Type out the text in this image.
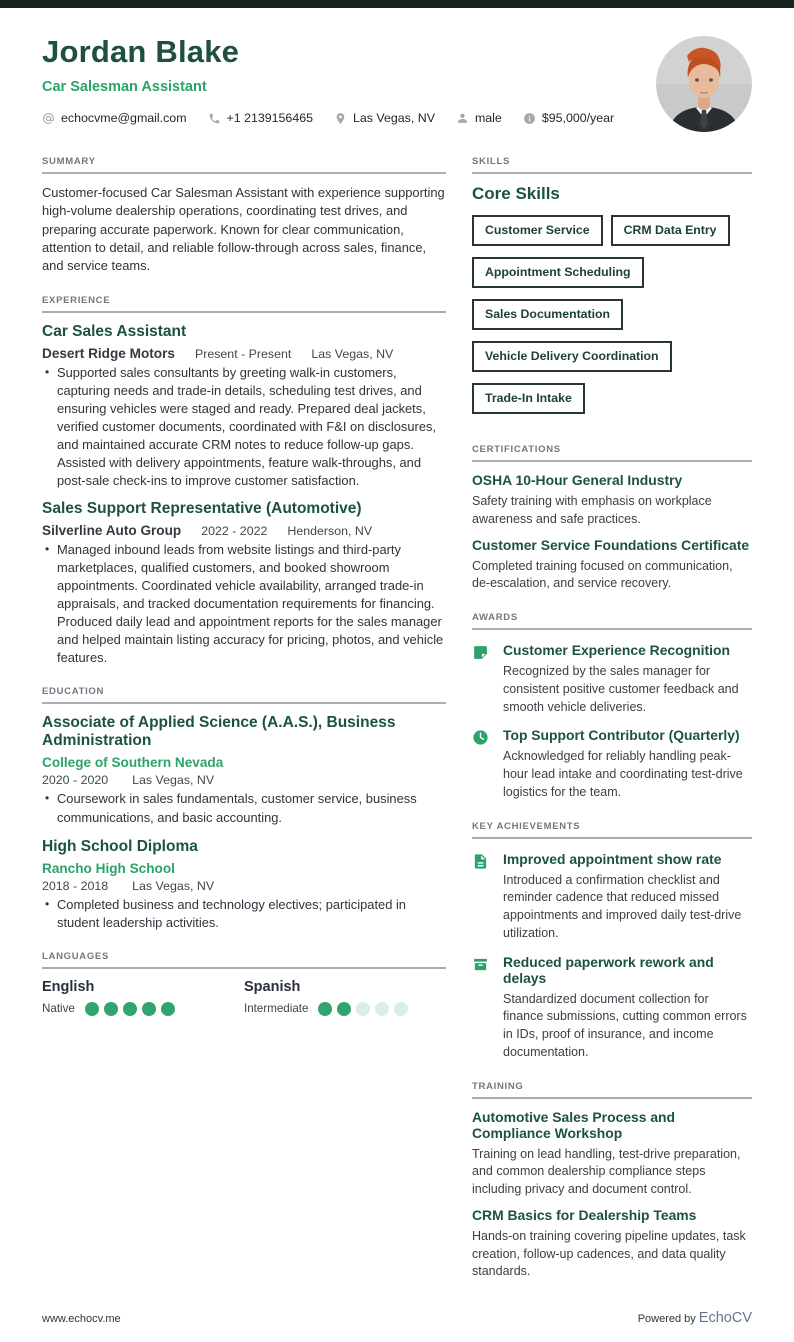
Jordan Blake
Car Salesman Assistant
echocvme@gmail.com	+1 2139156465	Las Vegas, NV	male	$95,000/year
SUMMARY

Customer-focused Car Salesman Assistant with experience supporting high-volume dealership operations, coordinating test drives, and preparing accurate paperwork. Known for clear communication, attention to detail, and reliable follow-through across sales, finance, and service teams.

EXPERIENCE
Car Sales Assistant
Desert Ridge Motors Present - Present Las Vegas, NV
• Supported sales consultants by greeting walk-in customers, capturing needs and trade-in details, scheduling test drives, and ensuring vehicles were staged and ready. Prepared deal jackets, verified customer documents, coordinated with F&I on disclosures, and maintained accurate CRM notes to reduce follow-up gaps. Assisted with delivery appointments, feature walk-throughs, and post-sale check-ins to improve customer satisfaction.
Sales Support Representative (Automotive)
Silverline Auto Group 2022 - 2022 Henderson, NV
• Managed inbound leads from website listings and third-party marketplaces, qualified customers, and booked showroom appointments. Coordinated vehicle availability, arranged trade-in appraisals, and tracked documentation requirements for financing. Produced daily lead and appointment reports for the sales manager and helped maintain listing accuracy for pricing, photos, and vehicle features.
EDUCATION
Associate of Applied Science (A.A.S.), Business Administration
College of Southern Nevada
2020 - 2020 Las Vegas, NV
• Coursework in sales fundamentals, customer service, business communications, and basic accounting.
High School Diploma
Rancho High School
2018 - 2018 Las Vegas, NV
• Completed business and technology electives; participated in student leadership activities.
LANGUAGES
English
Native
Spanish
Intermediate
SKILLS
Core Skills
Customer Service	CRM Data Entry Appointment Scheduling Sales Documentation Vehicle Delivery Coordination Trade-In Intake
CERTIFICATIONS
OSHA 10-Hour General Industry
Safety training with emphasis on workplace awareness and safe practices.
Customer Service Foundations Certificate
Completed training focused on communication, de-escalation, and service recovery.
AWARDS
Customer Experience Recognition
Recognized by the sales manager for consistent positive customer feedback and smooth vehicle deliveries.
Top Support Contributor (Quarterly)
Acknowledged for reliably handling peak-hour lead intake and coordinating test-drive logistics for the team.
KEY ACHIEVEMENTS
Improved appointment show rate
Introduced a confirmation checklist and reminder cadence that reduced missed appointments and improved daily test-drive utilization.
Reduced paperwork rework and delays
Standardized document collection for finance submissions, cutting common errors in IDs, proof of insurance, and income documentation.
TRAINING
Automotive Sales Process and Compliance Workshop
Training on lead handling, test-drive preparation, and common dealership compliance steps including privacy and document control.
CRM Basics for Dealership Teams
Hands-on training covering pipeline updates, task creation, follow-up cadences, and data quality standards.
www.echocv.me	Powered by EchoCV
